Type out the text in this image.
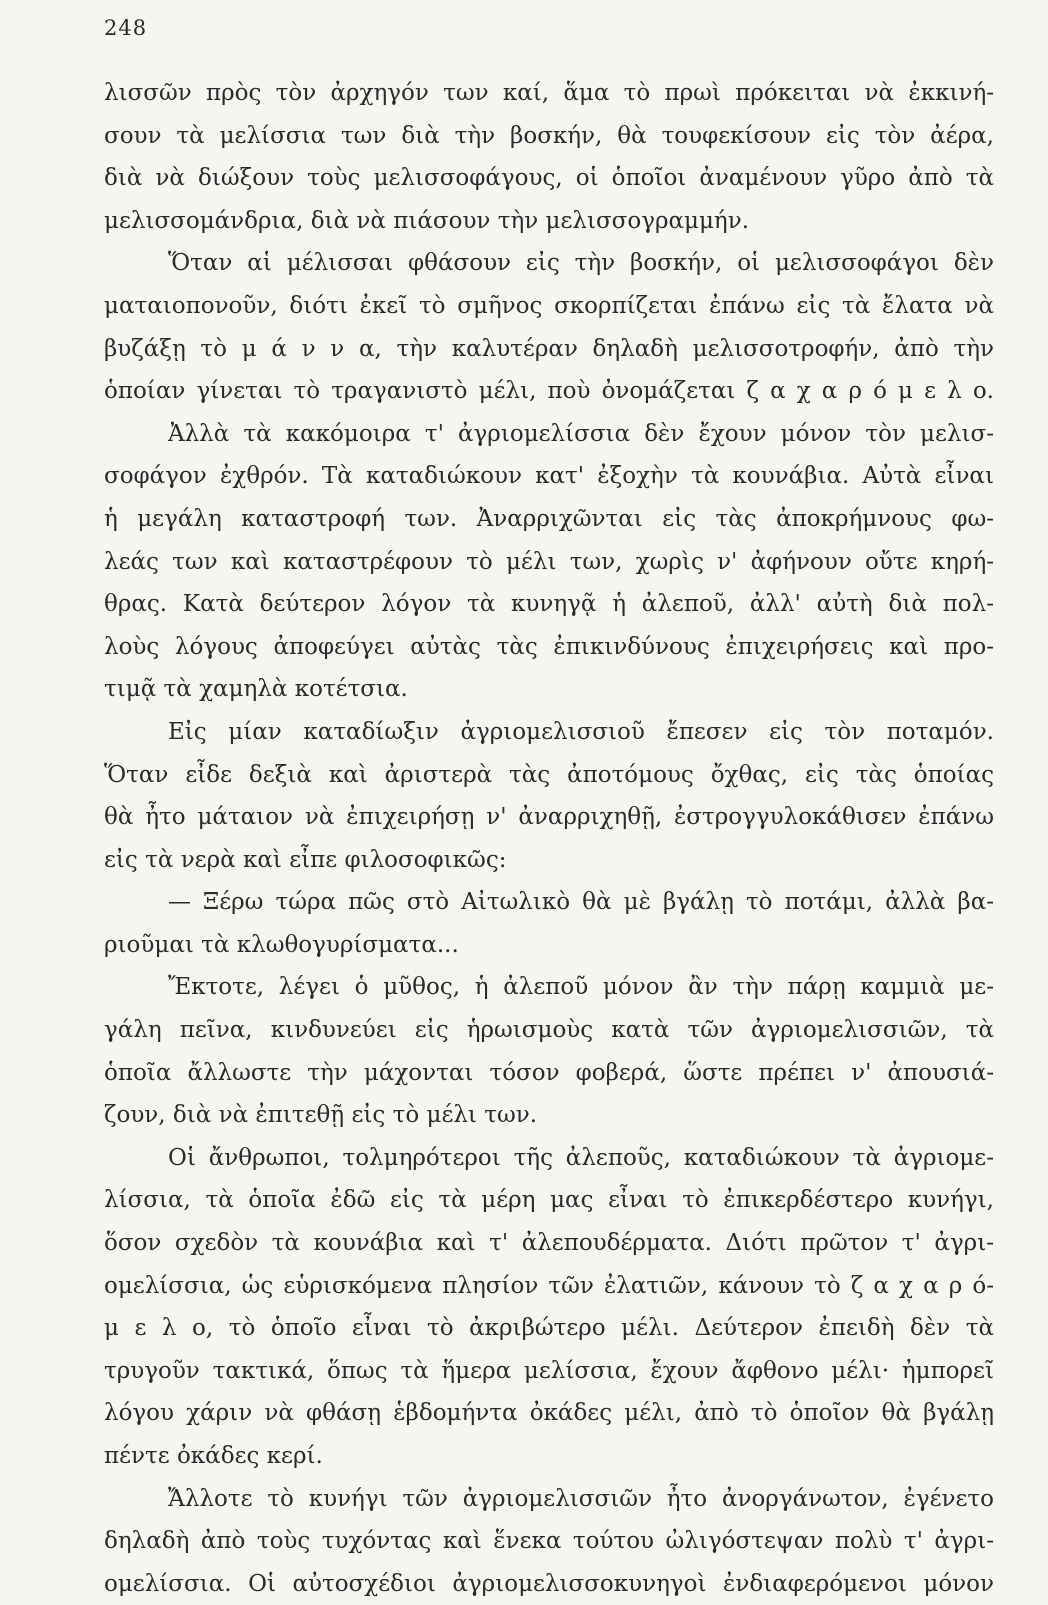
248
λισσῶν πρὸς τὸν ἀρχηγόν των καί, ἅμα τὸ πρωὶ πρόκειται νὰ ἐκκινή-
σουν τὰ μελίσσια των διὰ τὴν βοσκήν, θὰ τουφεκίσουν εἰς τὸν ἀέρα,
διὰ νὰ διώξουν τοὺς μελισσοφάγους, οἱ ὁποῖοι ἀναμένουν γῦρο ἀπὸ τὰ
μελισσομάνδρια, διὰ νὰ πιάσουν τὴν μελισσογραμμήν.
Ὅταν αἱ μέλισσαι φθάσουν εἰς τὴν βοσκήν, οἱ μελισσοφάγοι δὲν
ματαιοπονοῦν, διότι ἐκεῖ τὸ σμῆνος σκορπίζεται ἐπάνω εἰς τὰ ἔλατα νὰ
βυζάξῃ τὸ μ ά ν ν α, τὴν καλυτέραν δηλαδὴ μελισσοτροφήν, ἀπὸ τὴν
ὁποίαν γίνεται τὸ τραγανιστὸ μέλι, ποὺ ὀνομάζεται ζ α χ α ρ ό μ ε λ ο.
Ἀλλὰ τὰ κακόμοιρα τ' ἀγριομελίσσια δὲν ἔχουν μόνον τὸν μελισ-
σοφάγον ἐχθρόν. Τὰ καταδιώκουν κατ' ἐξοχὴν τὰ κουνάβια. Αὐτὰ εἶναι
ἡ μεγάλη καταστροφή των. Ἀναρριχῶνται εἰς τὰς ἀποκρήμνους φω-
λεάς των καὶ καταστρέφουν τὸ μέλι των, χωρὶς ν' ἀφήνουν οὔτε κηρή-
θρας. Κατὰ δεύτερον λόγον τὰ κυνηγᾷ ἡ ἀλεποῦ, ἀλλ' αὐτὴ διὰ πολ-
λοὺς λόγους ἀποφεύγει αὐτὰς τὰς ἐπικινδύνους ἐπιχειρήσεις καὶ προ-
τιμᾷ τὰ χαμηλὰ κοτέτσια.
Εἰς μίαν καταδίωξιν ἀγριομελισσιοῦ ἔπεσεν εἰς τὸν ποταμόν.
Ὅταν εἶδε δεξιὰ καὶ ἀριστερὰ τὰς ἀποτόμους ὄχθας, εἰς τὰς ὁποίας
θὰ ἦτο μάταιον νὰ ἐπιχειρήσῃ ν' ἀναρριχηθῇ, ἐστρογγυλοκάθισεν ἐπάνω
εἰς τὰ νερὰ καὶ εἶπε φιλοσοφικῶς:
— Ξέρω τώρα πῶς στὸ Αἰτωλικὸ θὰ μὲ βγάλῃ τὸ ποτάμι, ἀλλὰ βα-
ριοῦμαι τὰ κλωθογυρίσματα...
Ἔκτοτε, λέγει ὁ μῦθος, ἡ ἀλεποῦ μόνον ἂν τὴν πάρῃ καμμιὰ με-
γάλη πεῖνα, κινδυνεύει εἰς ἡρωισμοὺς κατὰ τῶν ἀγριομελισσιῶν, τὰ
ὁποῖα ἄλλωστε τὴν μάχονται τόσον φοβερά, ὥστε πρέπει ν' ἀπουσιά-
ζουν, διὰ νὰ ἐπιτεθῇ εἰς τὸ μέλι των.
Οἱ ἄνθρωποι, τολμηρότεροι τῆς ἀλεποῦς, καταδιώκουν τὰ ἀγριομε-
λίσσια, τὰ ὁποῖα ἐδῶ εἰς τὰ μέρη μας εἶναι τὸ ἐπικερδέστερο κυνήγι,
ὅσον σχεδὸν τὰ κουνάβια καὶ τ' ἀλεπουδέρματα. Διότι πρῶτον τ' ἀγρι-
ομελίσσια, ὡς εὑρισκόμενα πλησίον τῶν ἐλατιῶν, κάνουν τὸ ζ α χ α ρ ό-
μ ε λ ο, τὸ ὁποῖο εἶναι τὸ ἀκριβώτερο μέλι. Δεύτερον ἐπειδὴ δὲν τὰ
τρυγοῦν τακτικά, ὅπως τὰ ἥμερα μελίσσια, ἔχουν ἄφθονο μέλι· ἠμπορεῖ
λόγου χάριν νὰ φθάσῃ ἑβδομήντα ὀκάδες μέλι, ἀπὸ τὸ ὁποῖον θὰ βγάλῃ
πέντε ὀκάδες κερί.
Ἄλλοτε τὸ κυνήγι τῶν ἀγριομελισσιῶν ἦτο ἀνοργάνωτον, ἐγένετο
δηλαδὴ ἀπὸ τοὺς τυχόντας καὶ ἕνεκα τούτου ὠλιγόστεψαν πολὺ τ' ἀγρι-
ομελίσσια. Οἱ αὐτοσχέδιοι ἀγριομελισσοκυνηγοὶ ἐνδιαφερόμενοι μόνον
